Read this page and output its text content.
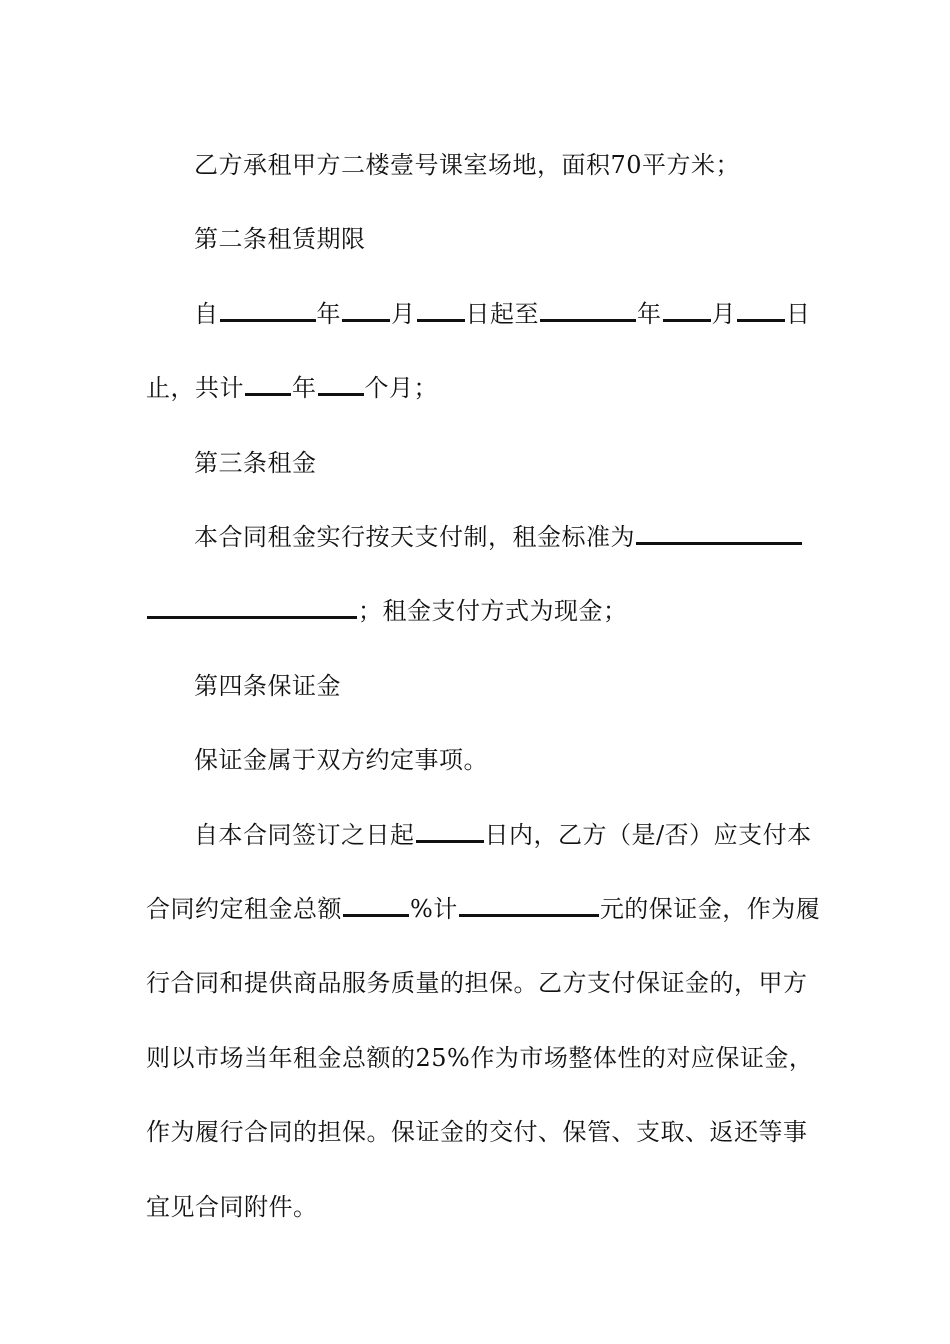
乙方承租甲方二楼壹号课室场地，面积70平方米；
第二条租赁期限
自	年 月 日起至	年 月 日
止，共计 年 个月；
第三条租金
本合同租金实行按天支付制，租金标准为
；租金支付方式为现金；
第四条保证金
保证金属于双方约定事项。
自本合同签订之日起	日内，乙方（是/否）应支付本
合同约定租金总额	%计	元的保证金，作为履
行合同和提供商品服务质量的担保。乙方支付保证金的，甲方
则以市场当年租金总额的25%作为市场整体性的对应保证金，
作为履行合同的担保。保证金的交付、保管、支取、返还等事
宜见合同附件。
